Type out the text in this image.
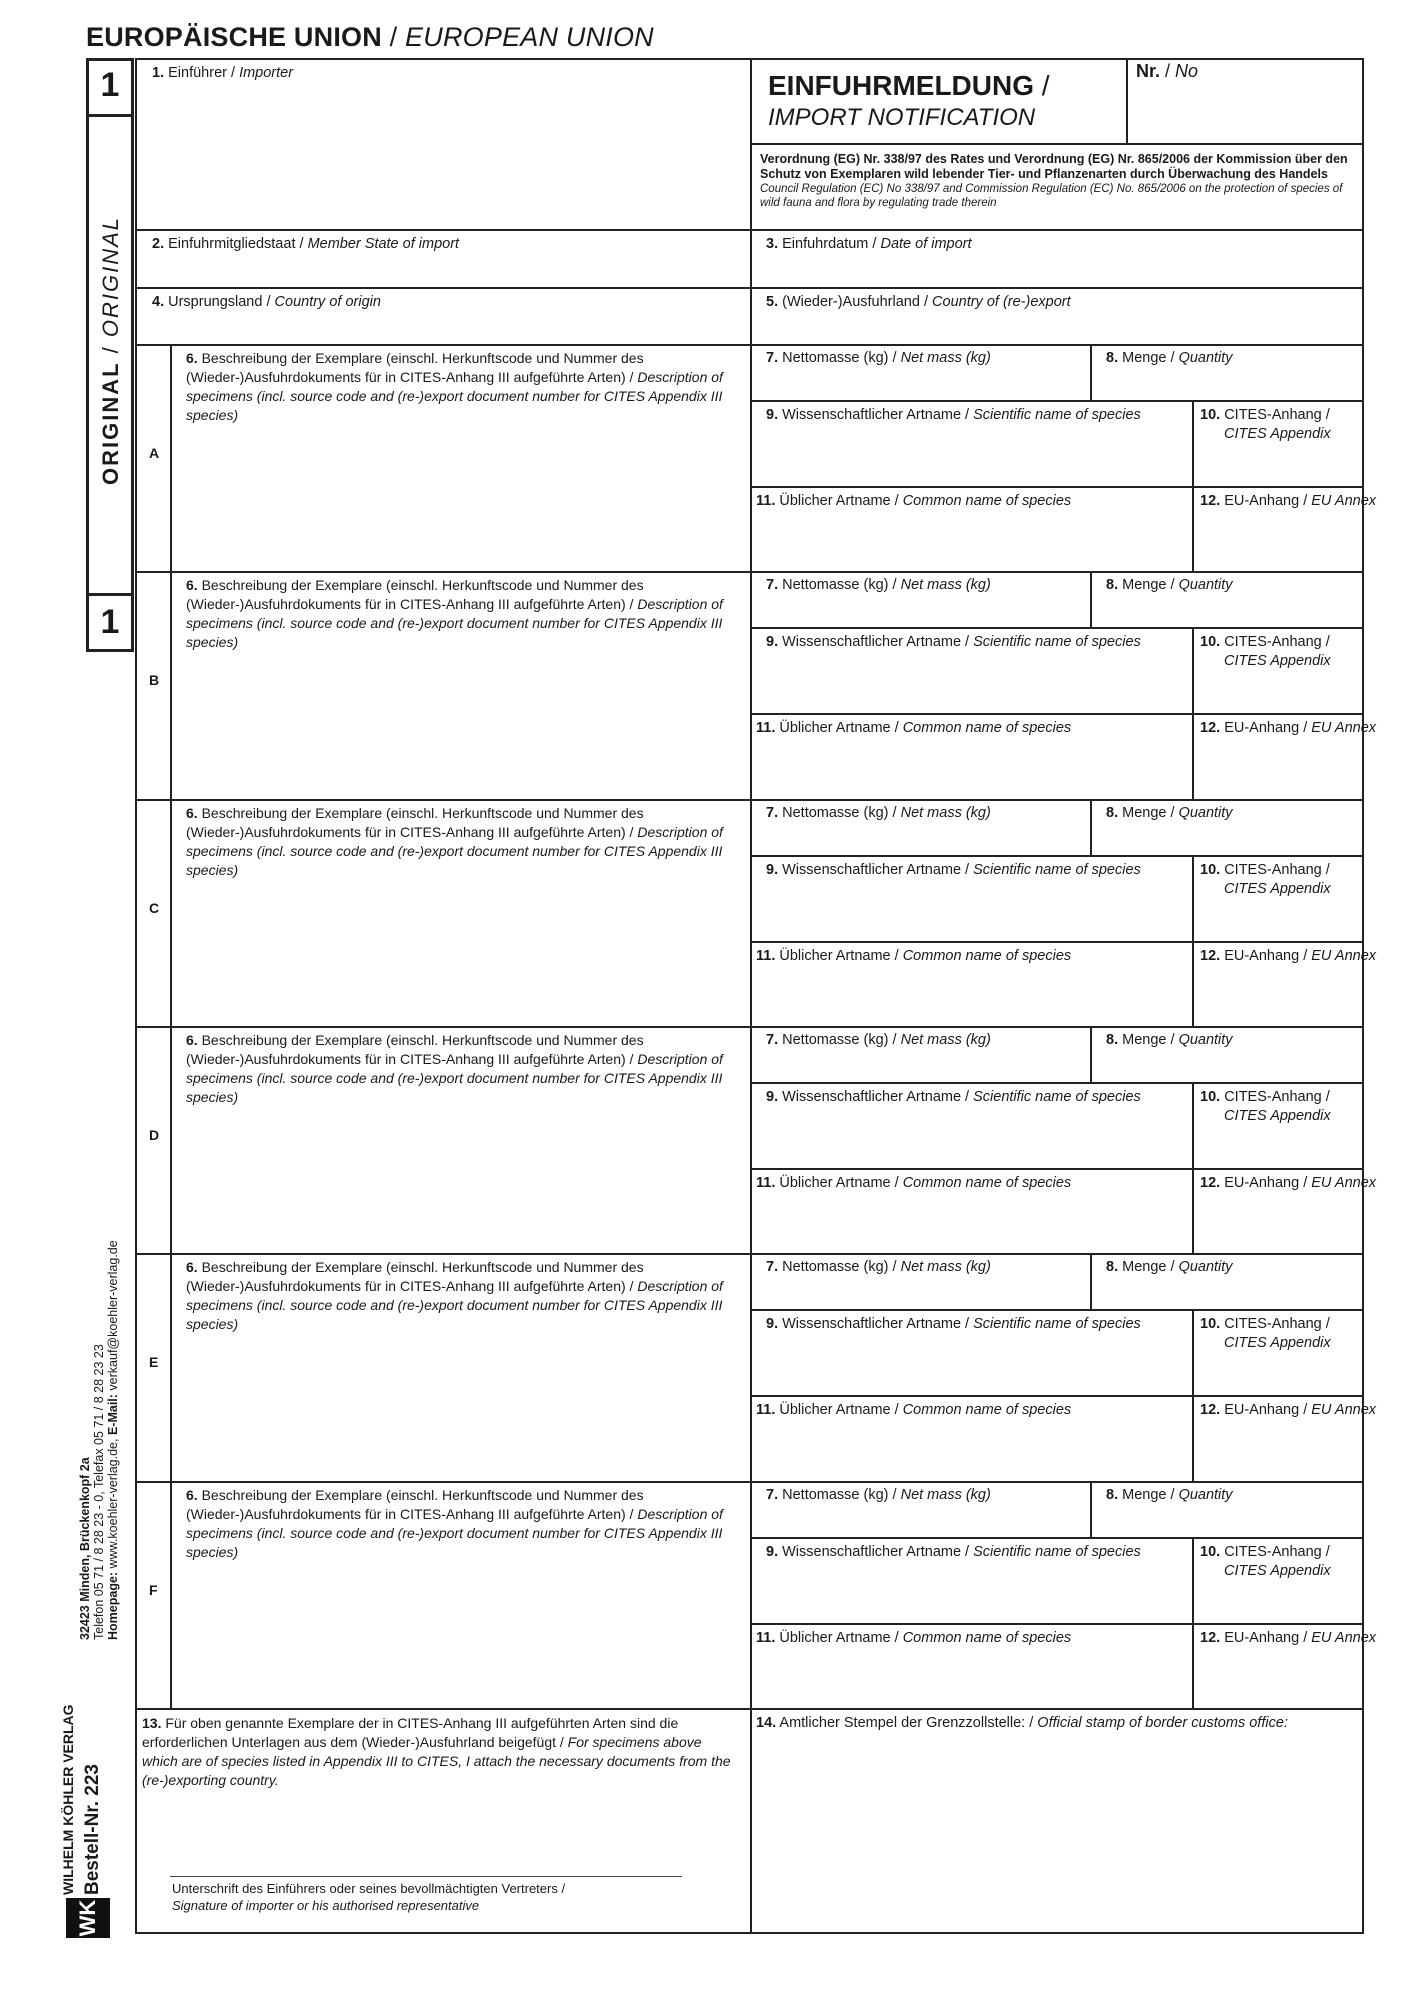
EUROPÄISCHE UNION / EUROPEAN UNION
1
1
ORIGINAL / ORIGINAL
WILHELM KÖHLER VERLAG Bestell-Nr. 223
32423 Minden, Brückenkopf 2a Telefon 05 71 / 8 28 23 - 0, Telefax 05 71 / 8 28 23 23 Homepage: www.koehler-verlag.de, E-Mail: verkauf@koehler-verlag.de
WK
1. Einführer / Importer	EINFUHRMELDUNG /
IMPORT NOTIFICATION
Nr. / No
Verordnung (EG) Nr. 338/97 des Rates und Verordnung (EG) Nr. 865/2006 der Kommission über den Schutz von Exemplaren wild lebender Tier- und Pflanzenarten durch Überwachung des Handels
Council Regulation (EC) No 338/97 and Commission Regulation (EC) No. 865/2006 on the protection of species of wild fauna and flora by regulating trade therein
2. Einfuhrmitgliedstaat / Member State of import	3. Einfuhrdatum / Date of import
4. Ursprungsland / Country of origin	5. (Wieder-)Ausfuhrland / Country of (re-)export
A
6. Beschreibung der Exemplare (einschl. Herkunftscode und Nummer des (Wieder-)Ausfuhrdokuments für in CITES-Anhang III aufgeführte Arten) / Description of specimens (incl. source code and (re-)export document number for CITES Appendix III species)
7. Nettomasse (kg) / Net mass (kg)	8. Menge / Quantity
9. Wissenschaftlicher Artname / Scientific name of species	10. CITES-Anhang /
CITES Appendix
11. Üblicher Artname / Common name of species	12. EU-Anhang / EU Annex
B
6. Beschreibung der Exemplare (einschl. Herkunftscode und Nummer des (Wieder-)Ausfuhrdokuments für in CITES-Anhang III aufgeführte Arten) / Description of specimens (incl. source code and (re-)export document number for CITES Appendix III species)
7. Nettomasse (kg) / Net mass (kg)	8. Menge / Quantity
9. Wissenschaftlicher Artname / Scientific name of species	10. CITES-Anhang /
CITES Appendix
11. Üblicher Artname / Common name of species	12. EU-Anhang / EU Annex
C
6. Beschreibung der Exemplare (einschl. Herkunftscode und Nummer des (Wieder-)Ausfuhrdokuments für in CITES-Anhang III aufgeführte Arten) / Description of specimens (incl. source code and (re-)export document number for CITES Appendix III species)
7. Nettomasse (kg) / Net mass (kg)	8. Menge / Quantity
9. Wissenschaftlicher Artname / Scientific name of species	10. CITES-Anhang /
CITES Appendix
11. Üblicher Artname / Common name of species	12. EU-Anhang / EU Annex
D
6. Beschreibung der Exemplare (einschl. Herkunftscode und Nummer des (Wieder-)Ausfuhrdokuments für in CITES-Anhang III aufgeführte Arten) / Description of specimens (incl. source code and (re-)export document number for CITES Appendix III species)
7. Nettomasse (kg) / Net mass (kg)	8. Menge / Quantity
9. Wissenschaftlicher Artname / Scientific name of species	10. CITES-Anhang /
CITES Appendix
11. Üblicher Artname / Common name of species	12. EU-Anhang / EU Annex
E
6. Beschreibung der Exemplare (einschl. Herkunftscode und Nummer des (Wieder-)Ausfuhrdokuments für in CITES-Anhang III aufgeführte Arten) / Description of specimens (incl. source code and (re-)export document number for CITES Appendix III species)
7. Nettomasse (kg) / Net mass (kg)	8. Menge / Quantity
9. Wissenschaftlicher Artname / Scientific name of species	10. CITES-Anhang /
CITES Appendix
11. Üblicher Artname / Common name of species	12. EU-Anhang / EU Annex
F
6. Beschreibung der Exemplare (einschl. Herkunftscode und Nummer des (Wieder-)Ausfuhrdokuments für in CITES-Anhang III aufgeführte Arten) / Description of specimens (incl. source code and (re-)export document number for CITES Appendix III species)
7. Nettomasse (kg) / Net mass (kg)	8. Menge / Quantity
9. Wissenschaftlicher Artname / Scientific name of species	10. CITES-Anhang /
CITES Appendix
11. Üblicher Artname / Common name of species	12. EU-Anhang / EU Annex
13. Für oben genannte Exemplare der in CITES-Anhang III aufgeführten Arten sind die erforderlichen Unterlagen aus dem (Wieder-)Ausfuhrland beigefügt / For specimens above which are of species listed in Appendix III to CITES, I attach the necessary documents from the (re-)exporting country.
Unterschrift des Einführers oder seines bevollmächtigten Vertreters /
Signature of importer or his authorised representative
14. Amtlicher Stempel der Grenzzollstelle: / Official stamp of border customs office:
